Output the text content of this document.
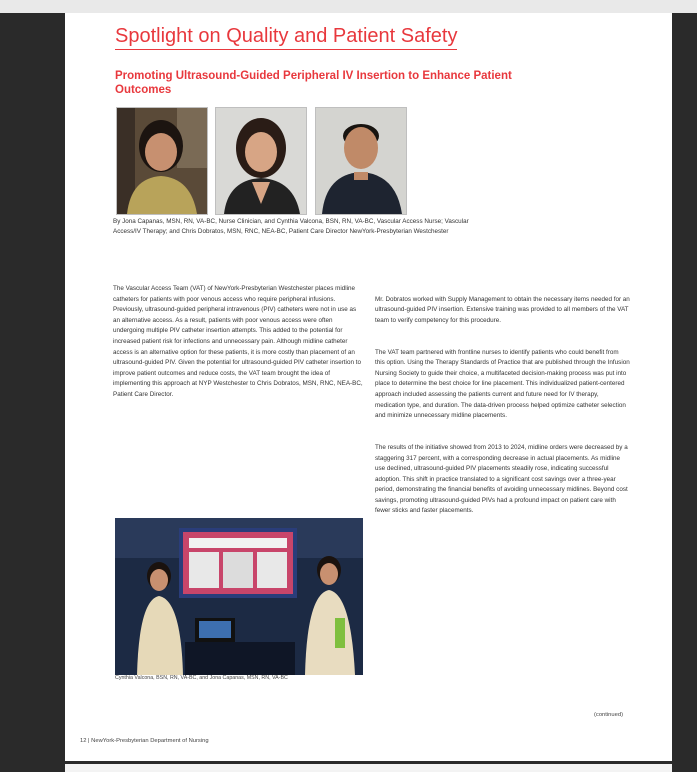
Spotlight on Quality and Patient Safety
Promoting Ultrasound-Guided Peripheral IV Insertion to Enhance Patient Outcomes
By Jona Capanas, MSN, RN, VA-BC, Nurse Clinician, and Cynthia Valcona, BSN, RN, VA-BC, Vascular Access Nurse; Vascular Access/IV Therapy; and Chris Dobratos, MSN, RNC, NEA-BC, Patient Care Director NewYork-Presbyterian Westchester
The Vascular Access Team (VAT) of NewYork-Presbyterian Westchester places midline catheters for patients with poor venous access who require peripheral infusions. Previously, ultrasound-guided peripheral intravenous (PIV) catheters were not in use as an alternative access. As a result, patients with poor venous access were often undergoing multiple PIV catheter insertion attempts. This added to the potential for increased patient risk for infections and unnecessary pain. Although midline catheter access is an alternative option for these patients, it is more costly than placement of an ultrasound-guided PIV. Given the potential for ultrasound-guided PIV catheter insertion to improve patient outcomes and reduce costs, the VAT team brought the idea of implementing this approach at NYP Westchester to Chris Dobratos, MSN, RNC, NEA-BC, Patient Care Director.

Mr. Dobratos worked with Supply Management to obtain the necessary items needed for an ultrasound-guided PIV insertion. Extensive training was provided to all members of the VAT team to verify competency for this procedure.

The VAT team partnered with frontline nurses to identify patients who could benefit from this option. Using the Therapy Standards of Practice that are published through the Infusion Nursing Society to guide their choice, a multifaceted decision-making process was put into place to determine the best choice for line placement. This individualized patient-centered approach included assessing the patients current and future need for IV therapy, medication type, and duration. The data-driven process helped optimize catheter selection and minimize unnecessary midline placements.

The results of the initiative showed from 2013 to 2024, midline orders were decreased by a staggering 317 percent, with a corresponding decrease in actual placements. As midline use declined, ultrasound-guided PIV placements steadily rose, indicating successful adoption. This shift in practice translated to a significant cost savings over a three-year period, demonstrating the financial benefits of avoiding unnecessary midlines. Beyond cost savings, promoting ultrasound-guided PIVs had a profound impact on patient care with fewer sticks and faster placements.

Cynthia Valcona, BSN, RN, VA-BC, and Jona Capanas, MSN, RN, VA-BC
(continued)
12 | NewYork-Presbyterian Department of Nursing
